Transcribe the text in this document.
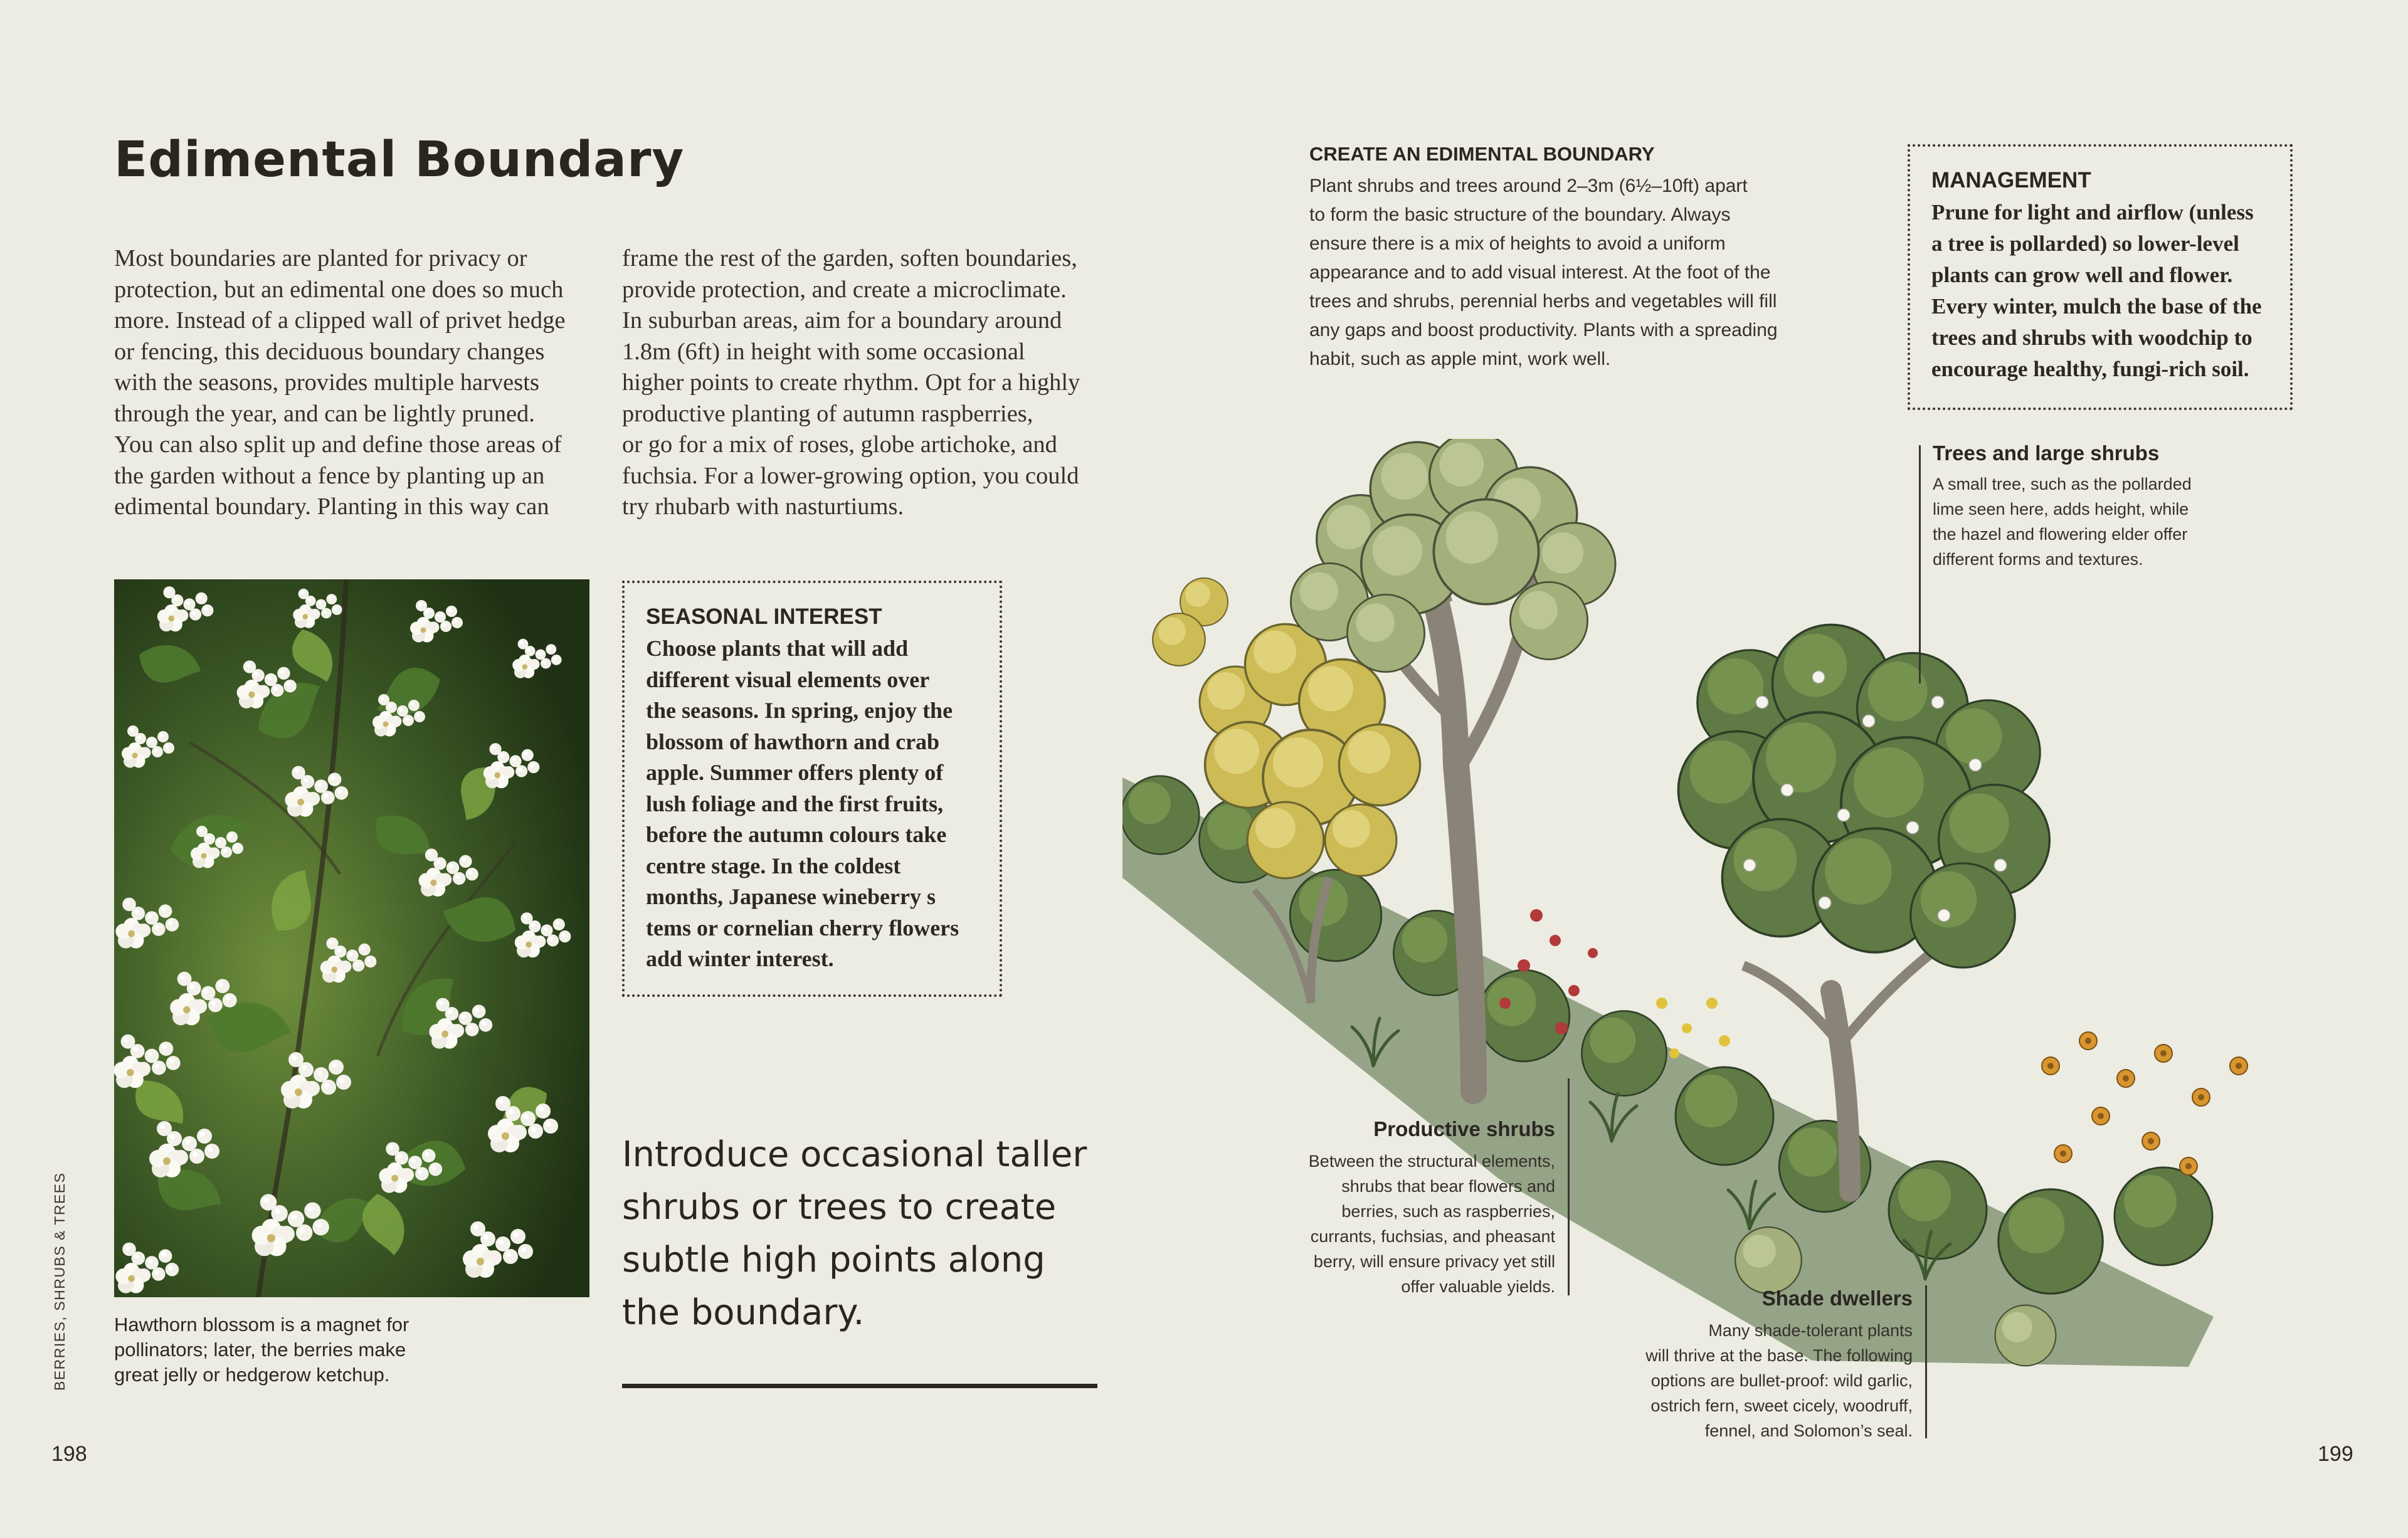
Edimental Boundary
Most boundaries are planted for privacy or
protection, but an edimental one does so much
more. Instead of a clipped wall of privet hedge
or fencing, this deciduous boundary changes
with the seasons, provides multiple harvests
through the year, and can be lightly pruned.
You can also split up and define those areas of
the garden without a fence by planting up an
edimental boundary. Planting in this way can
frame the rest of the garden, soften boundaries,
provide protection, and create a microclimate.
In suburban areas, aim for a boundary around
1.8m (6ft) in height with some occasional
higher points to create rhythm. Opt for a highly
productive planting of autumn raspberries,
or go for a mix of roses, globe artichoke, and
fuchsia. For a lower-growing option, you could
try rhubarb with nasturtiums.
Hawthorn blossom is a magnet for
pollinators; later, the berries make
great jelly or hedgerow ketchup.
SEASONAL INTEREST
Choose plants that will add
different visual elements over
the seasons. In spring, enjoy the
blossom of hawthorn and crab
apple. Summer offers plenty of
lush foliage and the first fruits,
before the autumn colours take
centre stage. In the coldest
months, Japanese wineberry s
tems or cornelian cherry flowers
add winter interest.
Introduce occasional taller
shrubs or trees to create
subtle high points along
the boundary.
BERRIES, SHRUBS & TREES
198
CREATE AN EDIMENTAL BOUNDARY
Plant shrubs and trees around 2–3m (6½–10ft) apart
to form the basic structure of the boundary. Always
ensure there is a mix of heights to avoid a uniform
appearance and to add visual interest. At the foot of the
trees and shrubs, perennial herbs and vegetables will fill
any gaps and boost productivity. Plants with a spreading
habit, such as apple mint, work well.
MANAGEMENT
Prune for light and airflow (unless
a tree is pollarded) so lower-level
plants can grow well and flower.
Every winter, mulch the base of the
trees and shrubs with woodchip to
encourage healthy, fungi-rich soil.
Trees and large shrubs
A small tree, such as the pollarded
lime seen here, adds height, while
the hazel and flowering elder offer
different forms and textures.
Productive shrubs
Between the structural elements,
shrubs that bear flowers and
berries, such as raspberries,
currants, fuchsias, and pheasant
berry, will ensure privacy yet still
offer valuable yields.	Shade dwellers
Many shade-tolerant plants
will thrive at the base. The following
options are bullet-proof: wild garlic,
ostrich fern, sweet cicely, woodruff,
fennel, and Solomon’s seal.
199
